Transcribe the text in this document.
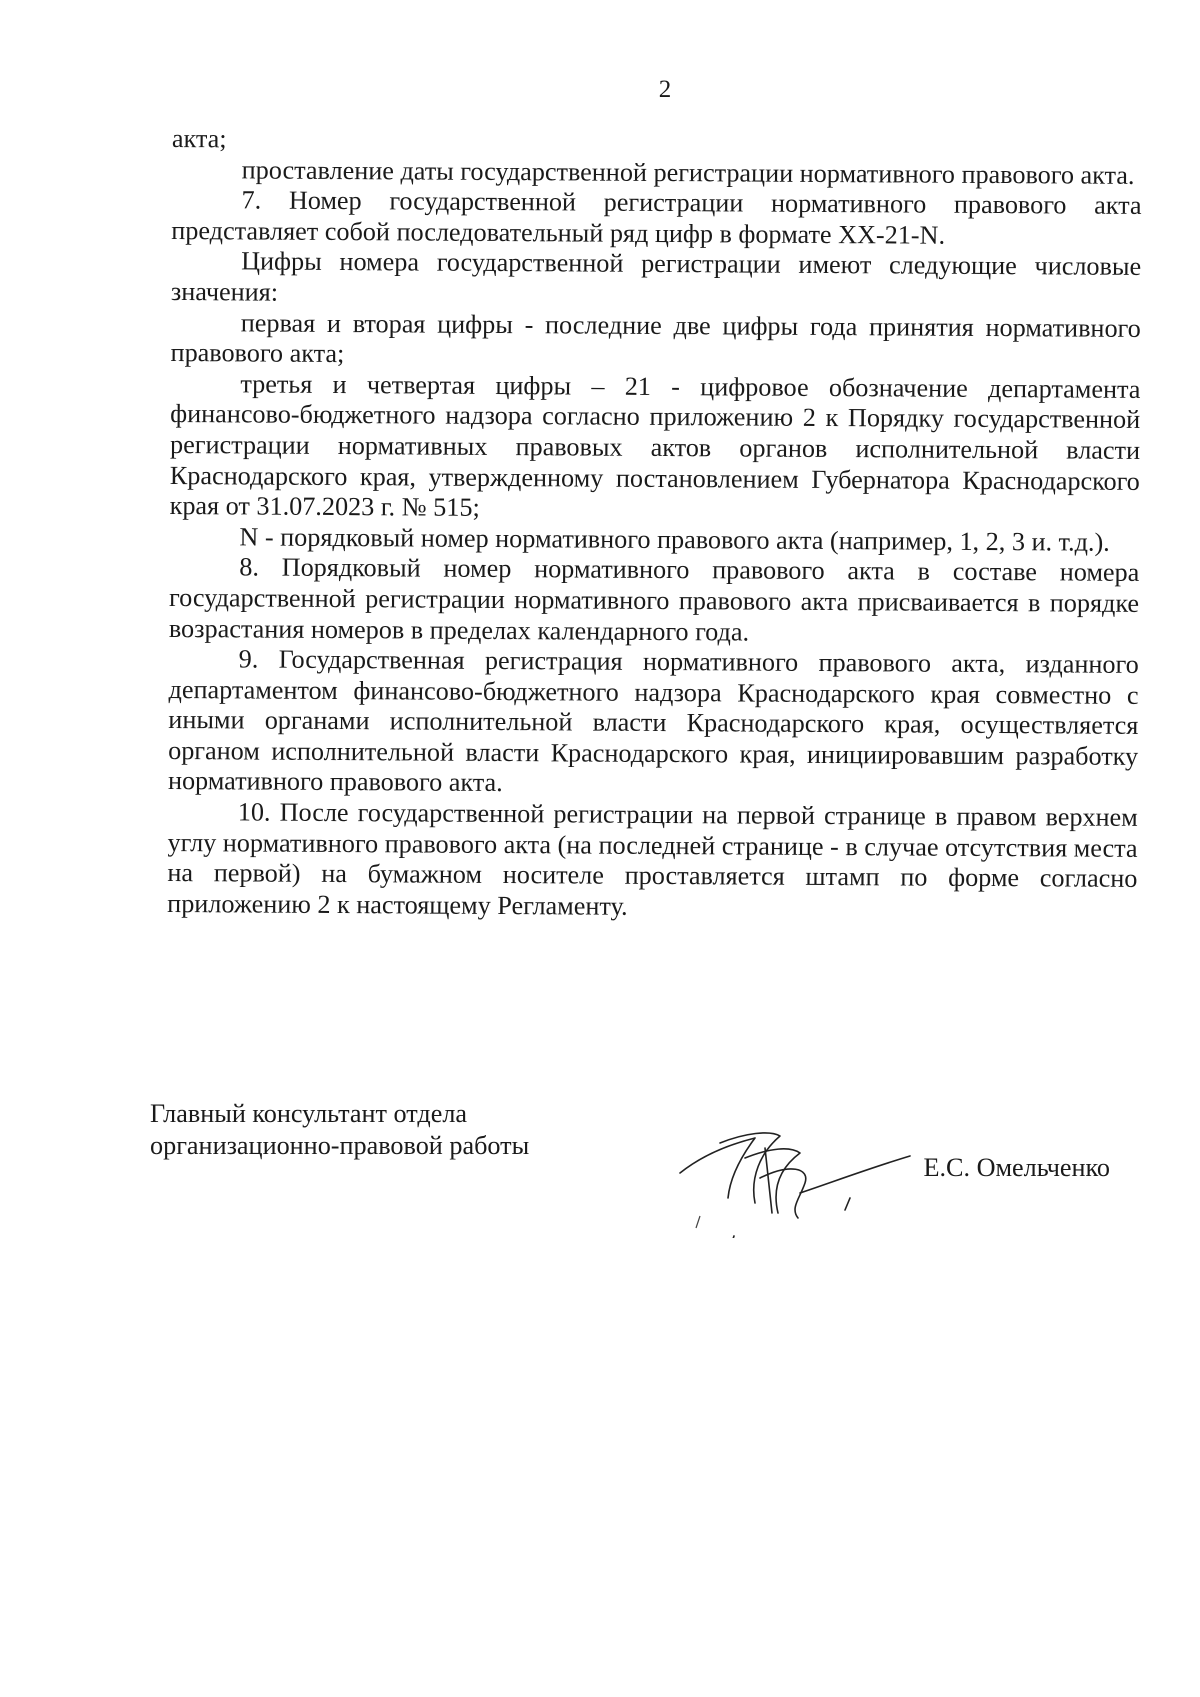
2

акта;

проставление даты государственной регистрации нормативного правового акта.

7. Номер государственной регистрации нормативного правового акта представляет собой последовательный ряд цифр в формате XX-21-N.

Цифры номера государственной регистрации имеют следующие числовые значения:

первая и вторая цифры - последние две цифры года принятия нормативного правового акта;

третья и четвертая цифры – 21 - цифровое обозначение департамента финансово-бюджетного надзора согласно приложению 2 к Порядку государственной регистрации нормативных правовых актов органов исполнительной власти Краснодарского края, утвержденному постановлением Губернатора Краснодарского края от 31.07.2023 г. № 515;

N - порядковый номер нормативного правового акта (например, 1, 2, 3 и. т.д.).

8. Порядковый номер нормативного правового акта в составе номера государственной регистрации нормативного правового акта присваивается в порядке возрастания номеров в пределах календарного года.

9. Государственная регистрация нормативного правового акта, изданного департаментом финансово-бюджетного надзора Краснодарского края совместно с иными органами исполнительной власти Краснодарского края, осуществляется органом исполнительной власти Краснодарского края, инициировавшим разработку нормативного правового акта.

10. После государственной регистрации на первой странице в правом верхнем углу нормативного правового акта (на последней странице - в случае отсутствия места на первой) на бумажном носителе проставляется штамп по форме согласно приложению 2 к настоящему Регламенту.

Главный консультант отдела
организационно-правовой работы
Е.С. Омельченко
